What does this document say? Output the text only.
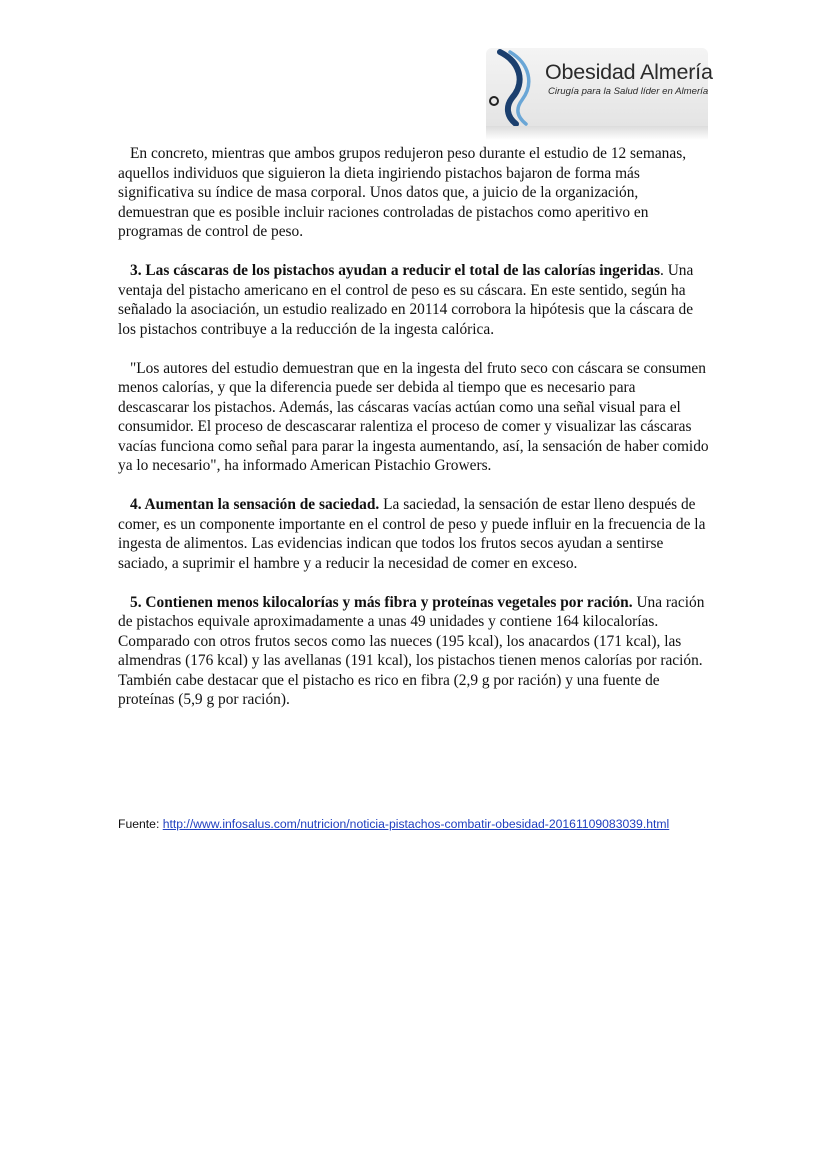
Obesidad Almería
Cirugía para la Salud líder en Almería

En concreto, mientras que ambos grupos redujeron peso durante el estudio de 12 semanas, aquellos individuos que siguieron la dieta ingiriendo pistachos bajaron de forma más significativa su índice de masa corporal. Unos datos que, a juicio de la organización, demuestran que es posible incluir raciones controladas de pistachos como aperitivo en programas de control de peso.

3. Las cáscaras de los pistachos ayudan a reducir el total de las calorías ingeridas. Una ventaja del pistacho americano en el control de peso es su cáscara. En este sentido, según ha señalado la asociación, un estudio realizado en 20114 corrobora la hipótesis que la cáscara de los pistachos contribuye a la reducción de la ingesta calórica.

"Los autores del estudio demuestran que en la ingesta del fruto seco con cáscara se consumen menos calorías, y que la diferencia puede ser debida al tiempo que es necesario para descascarar los pistachos. Además, las cáscaras vacías actúan como una señal visual para el consumidor. El proceso de descascarar ralentiza el proceso de comer y visualizar las cáscaras vacías funciona como señal para parar la ingesta aumentando, así, la sensación de haber comido ya lo necesario", ha informado American Pistachio Growers.

4. Aumentan la sensación de saciedad. La saciedad, la sensación de estar lleno después de comer, es un componente importante en el control de peso y puede influir en la frecuencia de la ingesta de alimentos. Las evidencias indican que todos los frutos secos ayudan a sentirse saciado, a suprimir el hambre y a reducir la necesidad de comer en exceso.

5. Contienen menos kilocalorías y más fibra y proteínas vegetales por ración. Una ración de pistachos equivale aproximadamente a unas 49 unidades y contiene 164 kilocalorías. Comparado con otros frutos secos como las nueces (195 kcal), los anacardos (171 kcal), las almendras (176 kcal) y las avellanas (191 kcal), los pistachos tienen menos calorías por ración. También cabe destacar que el pistacho es rico en fibra (2,9 g por ración) y una fuente de proteínas (5,9 g por ración).

Fuente: http://www.infosalus.com/nutricion/noticia-pistachos-combatir-obesidad-20161109083039.html
